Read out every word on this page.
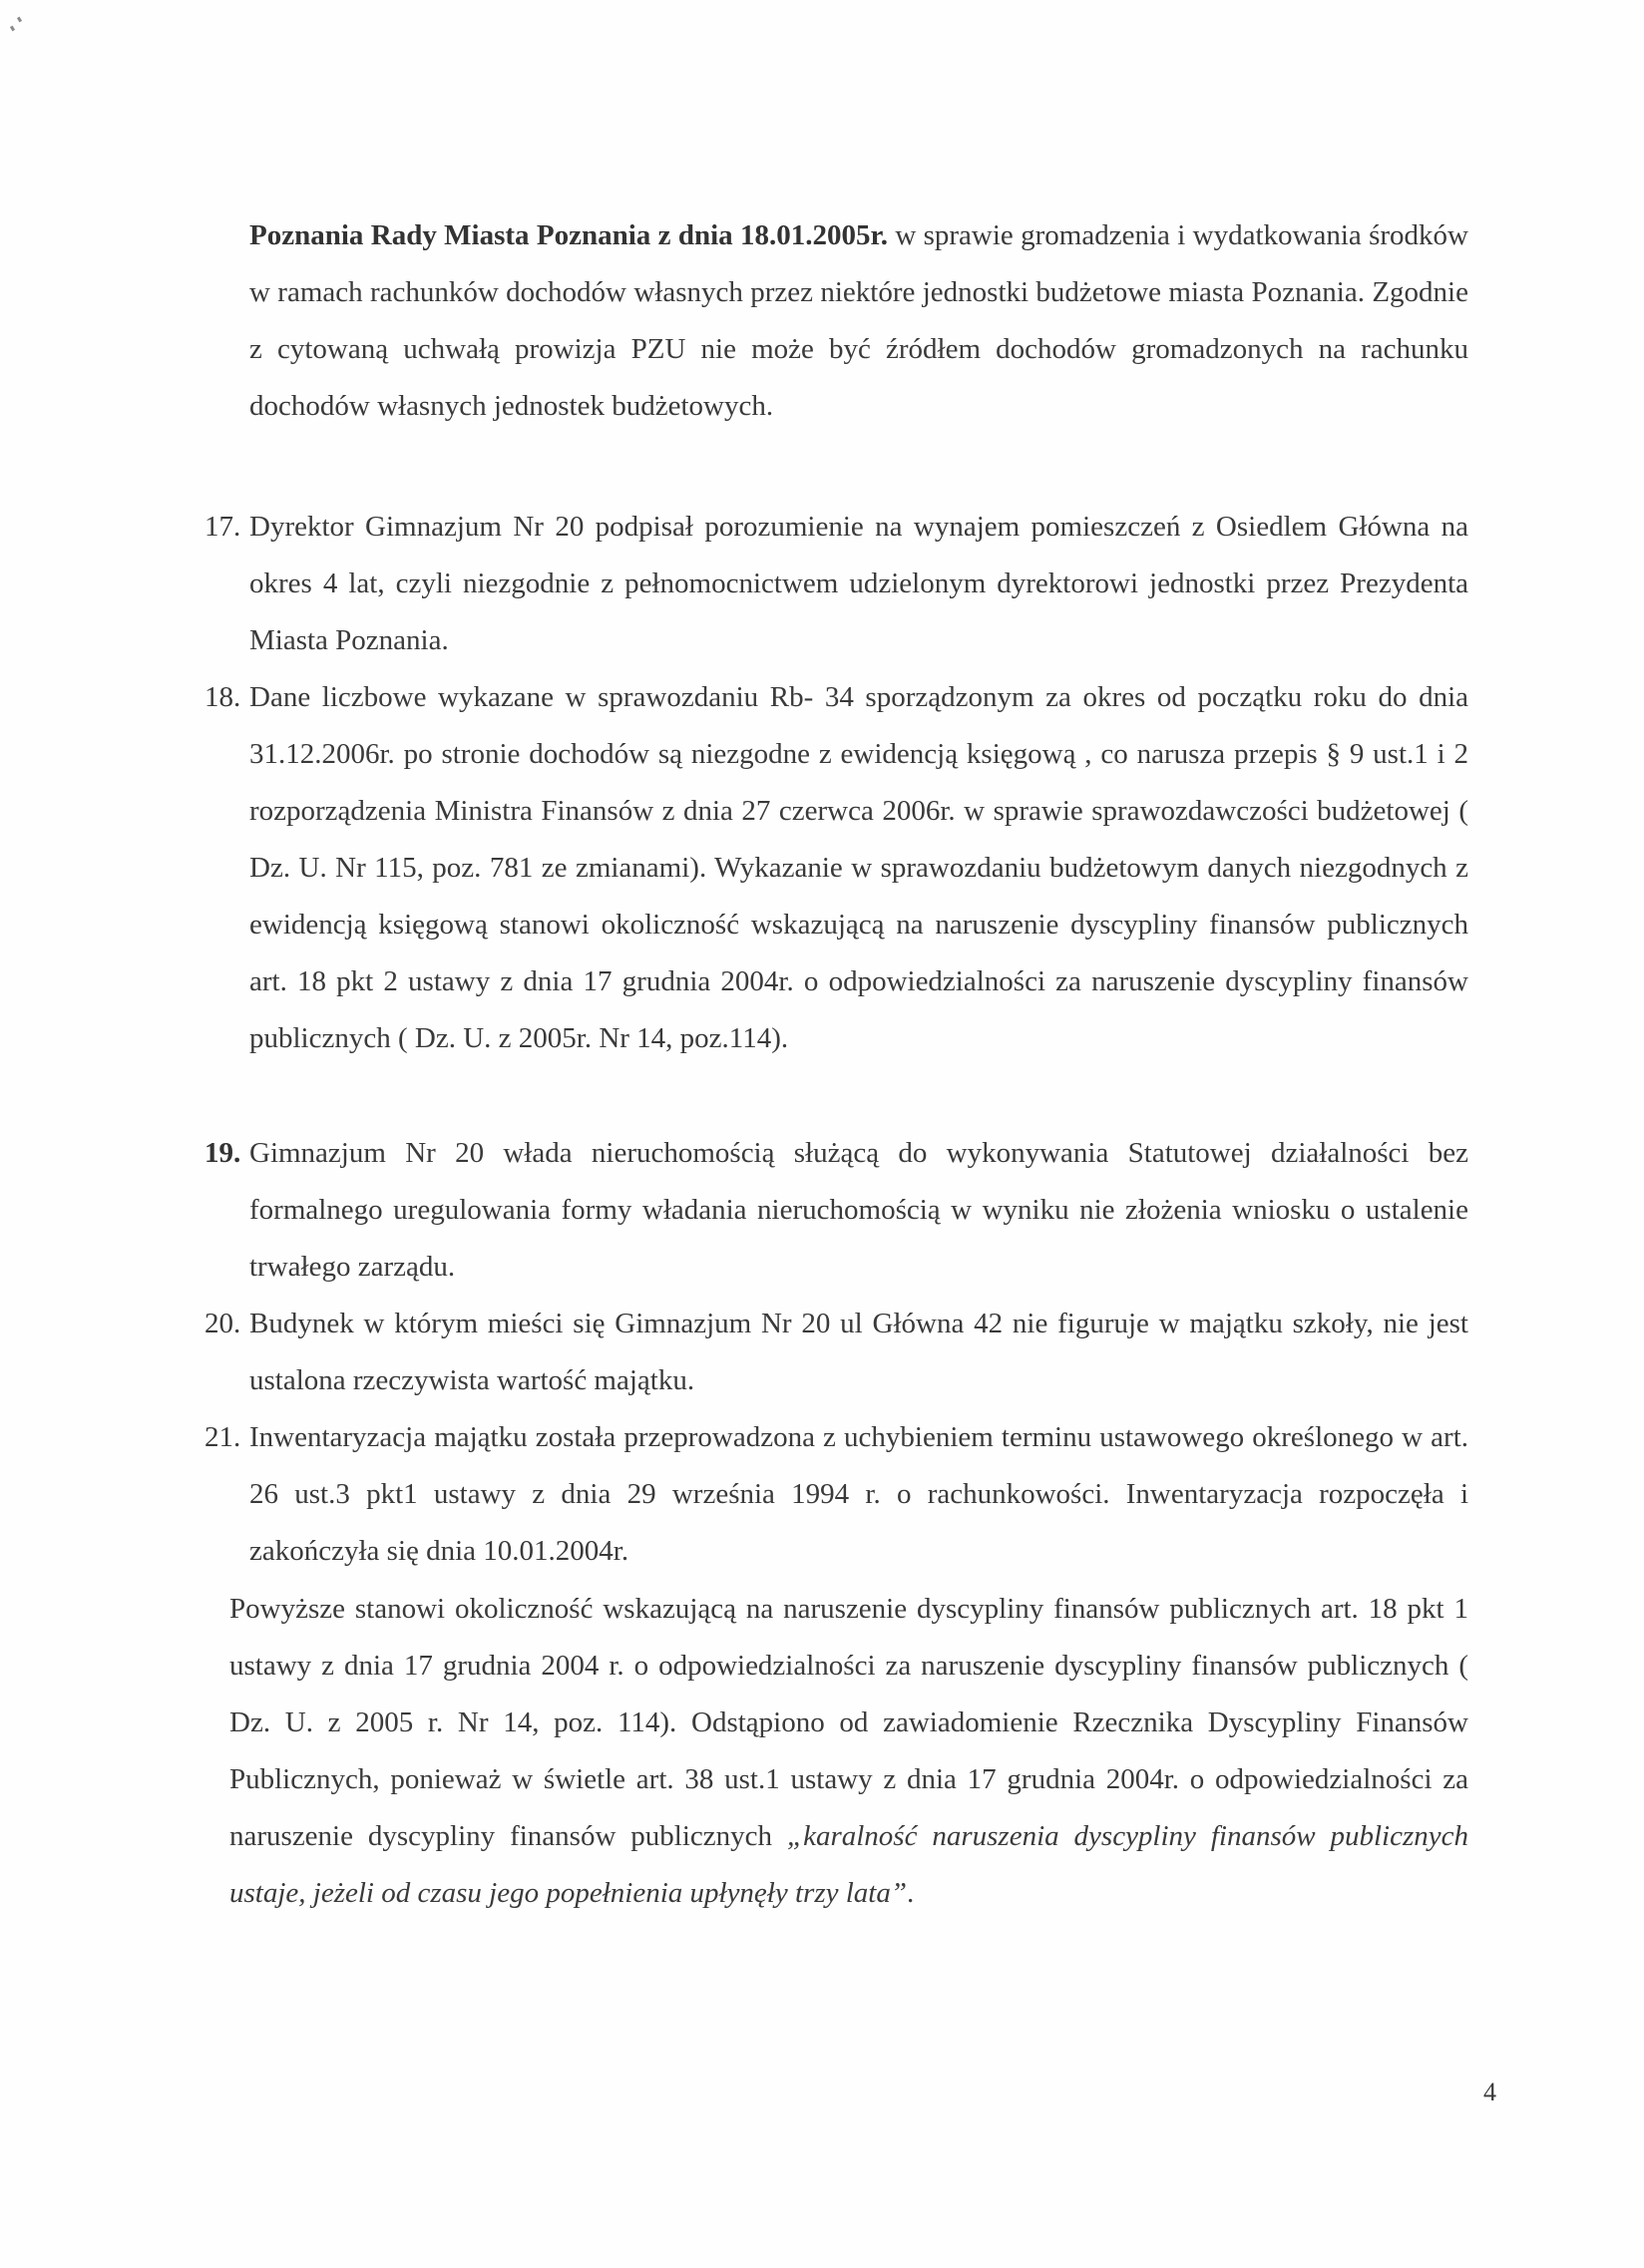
Poznania Rady Miasta Poznania z dnia 18.01.2005r. w sprawie gromadzenia i wydatkowania środków w ramach rachunków dochodów własnych przez niektóre jednostki budżetowe miasta Poznania. Zgodnie z cytowaną uchwałą prowizja PZU nie może być źródłem dochodów gromadzonych na rachunku dochodów własnych jednostek budżetowych.
17. Dyrektor Gimnazjum Nr 20 podpisał porozumienie na wynajem pomieszczeń z Osiedlem Główna na okres 4 lat, czyli niezgodnie z pełnomocnictwem udzielonym dyrektorowi jednostki przez Prezydenta Miasta Poznania.
18. Dane liczbowe wykazane w sprawozdaniu Rb- 34 sporządzonym za okres od początku roku do dnia 31.12.2006r. po stronie dochodów są niezgodne z ewidencją księgową , co narusza przepis § 9 ust.1 i 2 rozporządzenia Ministra Finansów z dnia 27 czerwca 2006r. w sprawie sprawozdawczości budżetowej ( Dz. U. Nr 115, poz. 781 ze zmianami). Wykazanie w sprawozdaniu budżetowym danych niezgodnych z ewidencją księgową stanowi okoliczność wskazującą na naruszenie dyscypliny finansów publicznych art. 18 pkt 2 ustawy z dnia 17 grudnia 2004r. o odpowiedzialności za naruszenie dyscypliny finansów publicznych ( Dz. U. z 2005r. Nr 14, poz.114).
19. Gimnazjum Nr 20 włada nieruchomością służącą do wykonywania Statutowej działalności bez formalnego uregulowania formy władania nieruchomością w wyniku nie złożenia wniosku o ustalenie trwałego zarządu.
20. Budynek w którym mieści się Gimnazjum Nr 20 ul Główna 42 nie figuruje w majątku szkoły, nie jest ustalona rzeczywista wartość majątku.
21. Inwentaryzacja majątku została przeprowadzona z uchybieniem terminu ustawowego określonego w art. 26 ust.3 pkt1 ustawy z dnia 29 września 1994 r. o rachunkowości. Inwentaryzacja rozpoczęła i zakończyła się dnia 10.01.2004r.
Powyższe stanowi okoliczność wskazującą na naruszenie dyscypliny finansów publicznych art. 18 pkt 1 ustawy z dnia 17 grudnia 2004 r. o odpowiedzialności za naruszenie dyscypliny finansów publicznych ( Dz. U. z 2005 r. Nr 14, poz. 114). Odstąpiono od zawiadomienie Rzecznika Dyscypliny Finansów Publicznych, ponieważ w świetle art. 38 ust.1 ustawy z dnia 17 grudnia 2004r. o odpowiedzialności za naruszenie dyscypliny finansów publicznych „karalność naruszenia dyscypliny finansów publicznych ustaje, jeżeli od czasu jego popełnienia upłynęły trzy lata”.
4
